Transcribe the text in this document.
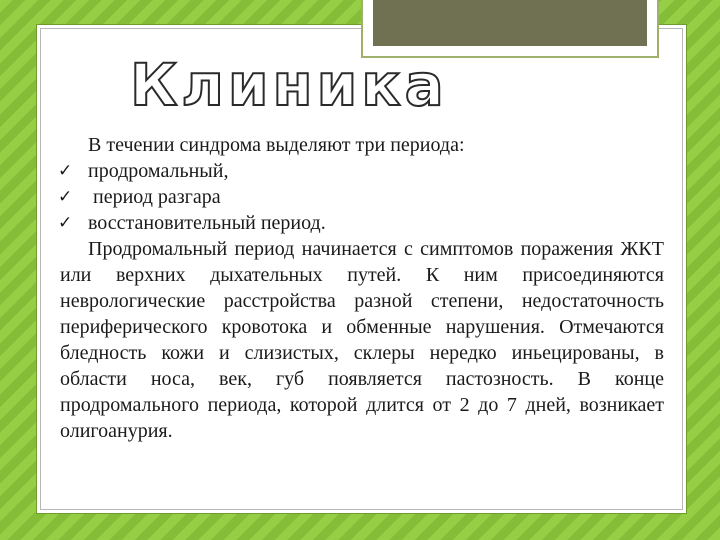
Клиника
В течении синдрома выделяют три периода:
✓ продромальный,
✓ период разгара
✓ восстановительный период.

Продромальный период начинается с симптомов поражения ЖКТ или верхних дыхательных путей. К ним присоединяются неврологические расстройства разной степени, недостаточность периферического кровотока и обменные нарушения. Отмечаются бледность кожи и слизистых, склеры нередко иньецированы, в области носа, век, губ появляется пастозность. В конце продромального периода, которой длится от 2 до 7 дней, возникает олигоанурия.
